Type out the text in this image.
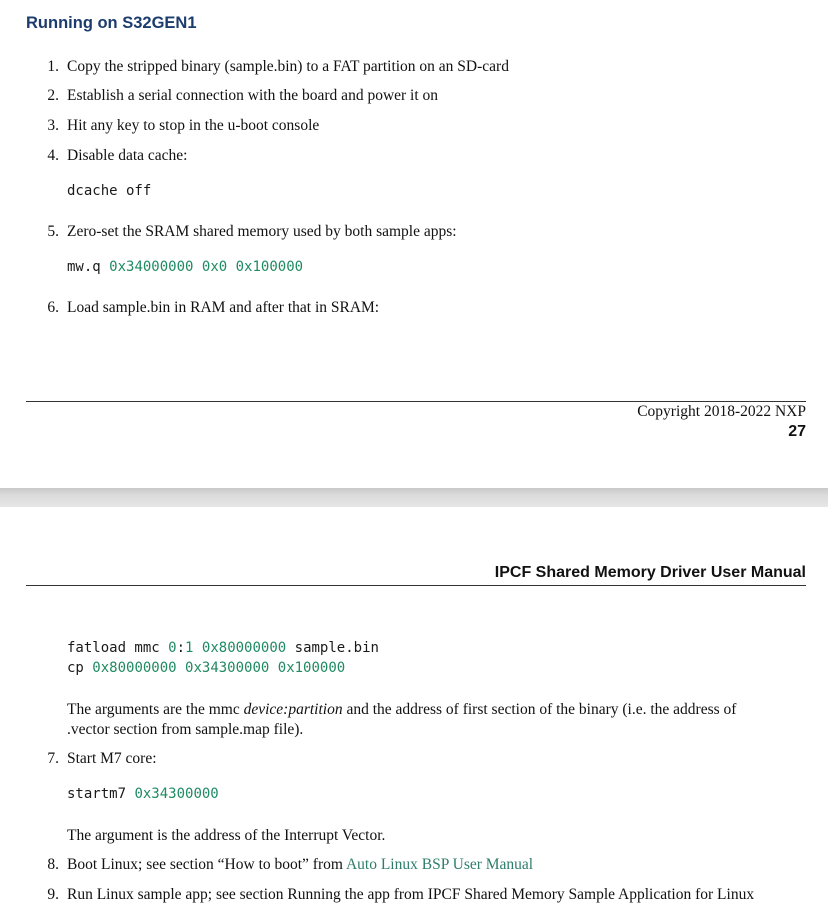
Running on S32GEN1
1. Copy the stripped binary (sample.bin) to a FAT partition on an SD-card
2. Establish a serial connection with the board and power it on
3. Hit any key to stop in the u-boot console
4. Disable data cache:
dcache off
5. Zero-set the SRAM shared memory used by both sample apps:
mw.q 0x34000000 0x0 0x100000
6. Load sample.bin in RAM and after that in SRAM:
Copyright 2018-2022 NXP
27
IPCF Shared Memory Driver User Manual
fatload mmc 0:1 0x80000000 sample.bin
cp 0x80000000 0x34300000 0x100000
The arguments are the mmc device:partition and the address of first section of the binary (i.e. the address of
.vector section from sample.map file).
7. Start M7 core:
startm7 0x34300000
The argument is the address of the Interrupt Vector.
8. Boot Linux; see section “How to boot” from Auto Linux BSP User Manual
9. Run Linux sample app; see section Running the app from IPCF Shared Memory Sample Application for Linux
